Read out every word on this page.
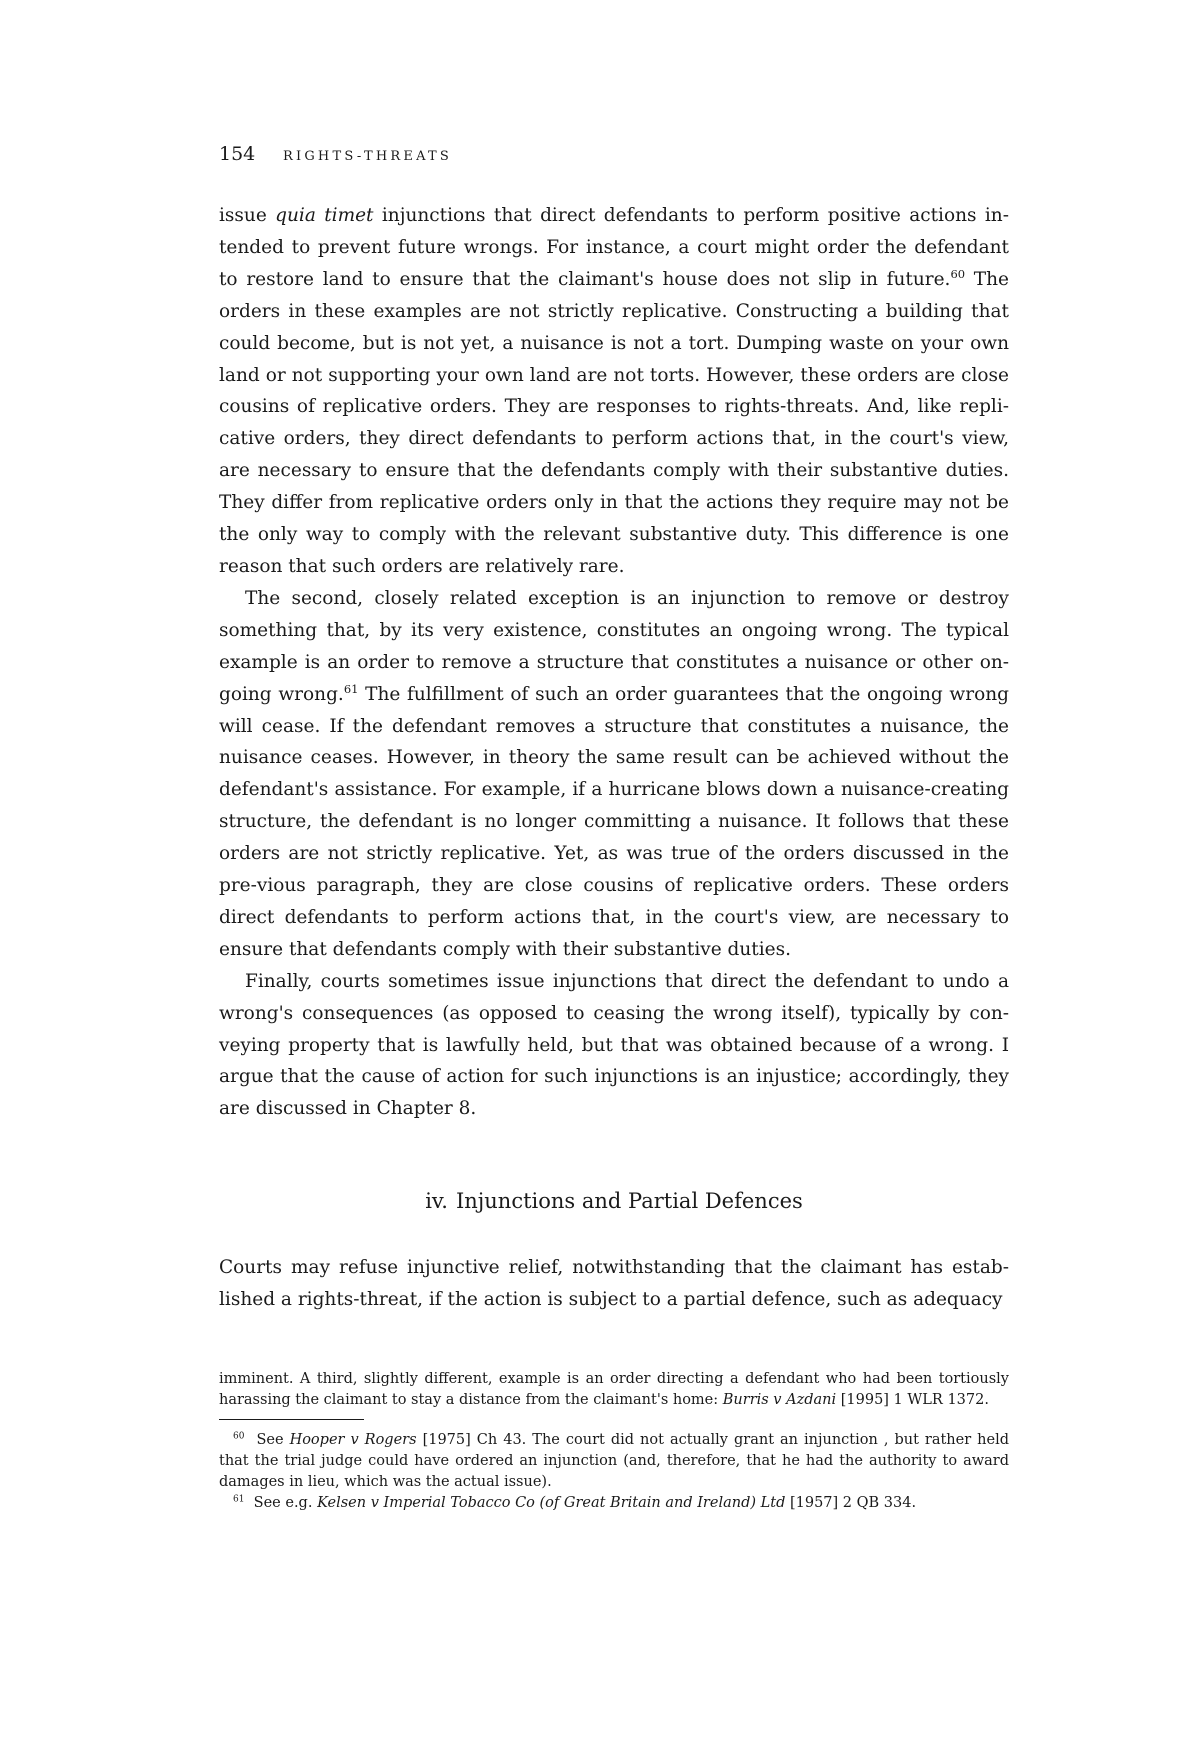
154 RIGHTS-THREATS

issue quia timet injunctions that direct defendants to perform positive actions in-tended to prevent future wrongs. For instance, a court might order the defendant to restore land to ensure that the claimant's house does not slip in future.$^{60}$ The orders in these examples are not strictly replicative. Constructing a building that could become, but is not yet, a nuisance is not a tort. Dumping waste on your own land or not supporting your own land are not torts. However, these orders are close cousins of replicative orders. They are responses to rights-threats. And, like repli-cative orders, they direct defendants to perform actions that, in the court's view, are necessary to ensure that the defendants comply with their substantive duties. They differ from replicative orders only in that the actions they require may not be the only way to comply with the relevant substantive duty. This difference is one reason that such orders are relatively rare.

The second, closely related exception is an injunction to remove or destroy something that, by its very existence, constitutes an ongoing wrong. The typical example is an order to remove a structure that constitutes a nuisance or other on-going wrong.$^{61}$ The fulfillment of such an order guarantees that the ongoing wrong will cease. If the defendant removes a structure that constitutes a nuisance, the nuisance ceases. However, in theory the same result can be achieved without the defendant's assistance. For example, if a hurricane blows down a nuisance-creating structure, the defendant is no longer committing a nuisance. It follows that these orders are not strictly replicative. Yet, as was true of the orders discussed in the pre-vious paragraph, they are close cousins of replicative orders. These orders direct defendants to perform actions that, in the court's view, are necessary to ensure that defendants comply with their substantive duties.

Finally, courts sometimes issue injunctions that direct the defendant to undo a wrong's consequences (as opposed to ceasing the wrong itself), typically by con-veying property that is lawfully held, but that was obtained because of a wrong. I argue that the cause of action for such injunctions is an injustice; accordingly, they are discussed in Chapter 8.

iv. Injunctions and Partial Defences

Courts may refuse injunctive relief, notwithstanding that the claimant has estab-lished a rights-threat, if the action is subject to a partial defence, such as adequacy

imminent. A third, slightly different, example is an order directing a defendant who had been tortiously harassing the claimant to stay a distance from the claimant's home: Burris v Azdani [1995] 1 WLR 1372.

$^{60}$ See Hooper v Rogers [1975] Ch 43. The court did not actually grant an injunction , but rather held that the trial judge could have ordered an injunction (and, therefore, that he had the authority to award damages in lieu, which was the actual issue).

$^{61}$ See e.g. Kelsen v Imperial Tobacco Co (of Great Britain and Ireland) Ltd [1957] 2 QB 334.
